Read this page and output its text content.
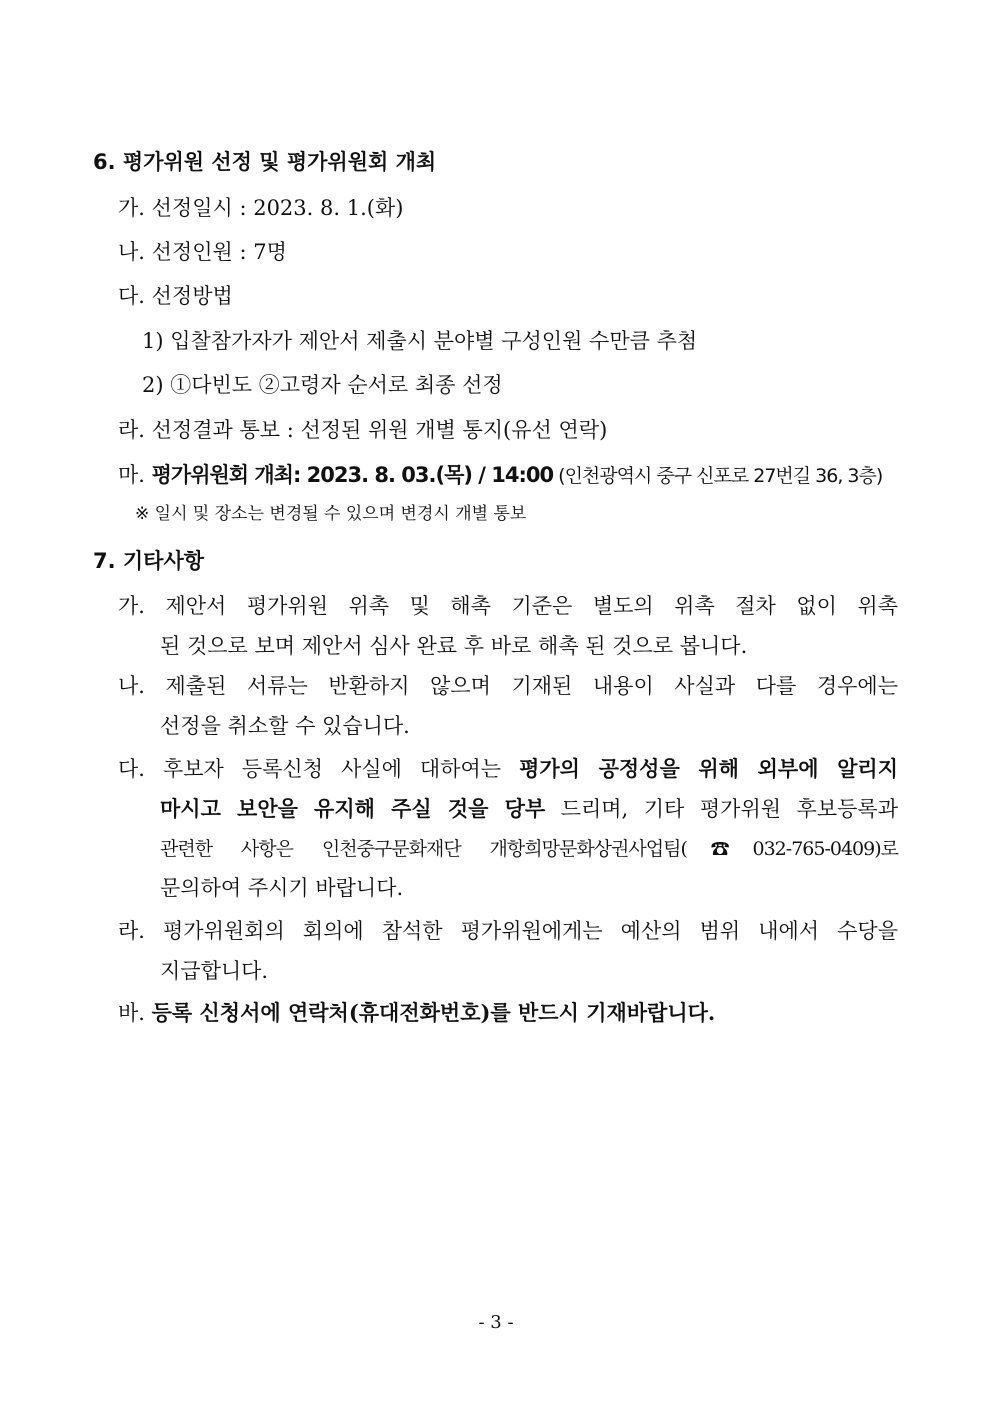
6. 평가위원 선정 및 평가위원회 개최
가. 선정일시 : 2023. 8. 1.(화)
나. 선정인원 : 7명
다. 선정방법
1) 입찰참가자가 제안서 제출시 분야별 구성인원 수만큼 추첨
2) ①다빈도 ②고령자 순서로 최종 선정
라. 선정결과 통보 : 선정된 위원 개별 통지(유선 연락)
마. 평가위원회 개최: 2023. 8. 03.(목) / 14:00 (인천광역시 중구 신포로 27번길 36, 3층)
※ 일시 및 장소는 변경될 수 있으며 변경시 개별 통보
7. 기타사항
가. 제안서 평가위원 위촉 및 해촉 기준은 별도의 위촉 절차 없이 위촉
된 것으로 보며 제안서 심사 완료 후 바로 해촉 된 것으로 봅니다.
나. 제출된 서류는 반환하지 않으며 기재된 내용이 사실과 다를 경우에는
선정을 취소할 수 있습니다.
다. 후보자 등록신청 사실에 대하여는 평가의 공정성을 위해 외부에 알리지
마시고 보안을 유지해 주실 것을 당부 드리며, 기타 평가위원 후보등록과
관련한 사항은 인천중구문화재단 개항희망문화상권사업팀(☎032-765-0409)로
문의하여 주시기 바랍니다.
라. 평가위원회의 회의에 참석한 평가위원에게는 예산의 범위 내에서 수당을
지급합니다.
바. 등록 신청서에 연락처(휴대전화번호)를 반드시 기재바랍니다.
- 3 -
